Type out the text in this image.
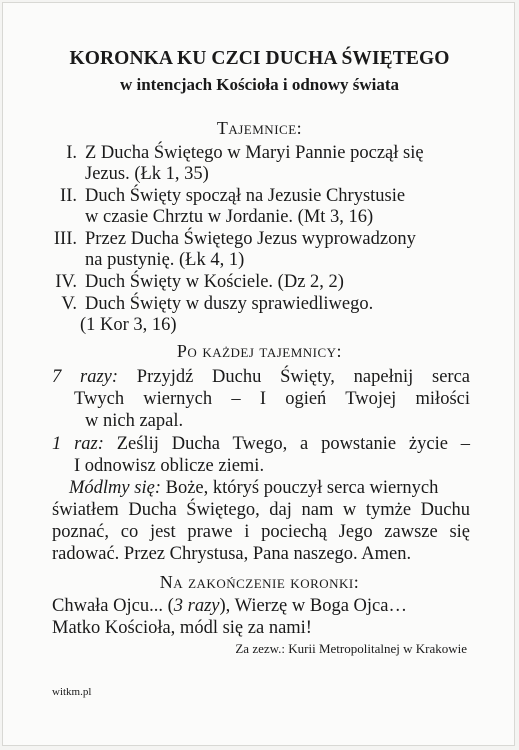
KORONKA KU CZCI DUCHA ŚWIĘTEGO
w intencjach Kościoła i odnowy świata
Tajemnice:
I. Z Ducha Świętego w Maryi Pannie począł się
Jezus. (Łk 1, 35)
II. Duch Święty spoczął na Jezusie Chrystusie
w czasie Chrztu w Jordanie. (Mt 3, 16)
III. Przez Ducha Świętego Jezus wyprowadzony
na pustynię. (Łk 4, 1)
IV. Duch Święty w Kościele. (Dz 2, 2)
V. Duch Święty w duszy sprawiedliwego.
(1 Kor 3, 16)
Po każdej tajemnicy:
7 razy: Przyjdź Duchu Święty, napełnij serca
Twych wiernych – I ogień Twojej miłości
w nich zapal.
1 raz: Ześlij Ducha Twego, a powstanie życie –
I odnowisz oblicze ziemi.
Módlmy się: Boże, któryś pouczył serca wiernych
światłem Ducha Świętego, daj nam w tymże Duchu
poznać, co jest prawe i pociechą Jego zawsze się
radować. Przez Chrystusa, Pana naszego. Amen.
Na zakończenie koronki:
Chwała Ojcu... (3 razy), Wierzę w Boga Ojca…
Matko Kościoła, módl się za nami!
Za zezw.: Kurii Metropolitalnej w Krakowie
witkm.pl
